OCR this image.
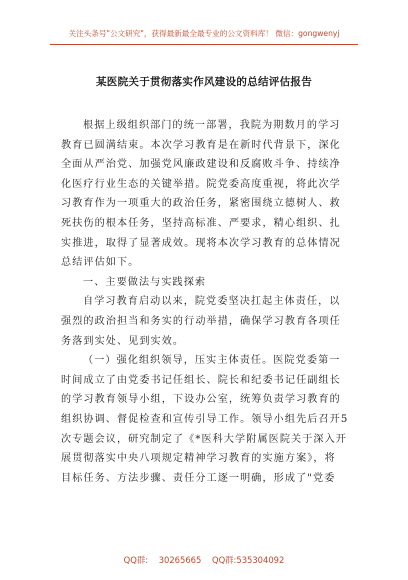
关注头条号"公文研究"，获得最新最全最专业的公文资料库！ 微信：gongwenyj
某医院关于贯彻落实作风建设的总结评估报告

根据上级组织部门的统一部署，我院为期数月的学习
教育已圆满结束。本次学习教育是在新时代背景下，深化
全面从严治党、加强党风廉政建设和反腐败斗争、持续净
化医疗行业生态的关键举措。院党委高度重视，将此次学
习教育作为一项重大的政治任务，紧密围绕立德树人、救
死扶伤的根本任务，坚持高标准、严要求，精心组织、扎
实推进，取得了显著成效。现将本次学习教育的总体情况
总结评估如下。

一、主要做法与实践探索

自学习教育启动以来，院党委坚决扛起主体责任，以
强烈的政治担当和务实的行动举措，确保学习教育各项任
务落到实处、见到实效。

（一）强化组织领导，压实主体责任。医院党委第一
时间成立了由党委书记任组长、院长和纪委书记任副组长
的学习教育领导小组，下设办公室，统筹负责学习教育的
组织协调、督促检查和宣传引导工作。领导小组先后召开5
次专题会议，研究制定了《*医科大学附属医院关于深入开
展贯彻落实中央八项规定精神学习教育的实施方案》，将
目标任务、方法步骤、责任分工逐一明确，形成了"党委

QQ群: 30265665 QQ群:535304092
